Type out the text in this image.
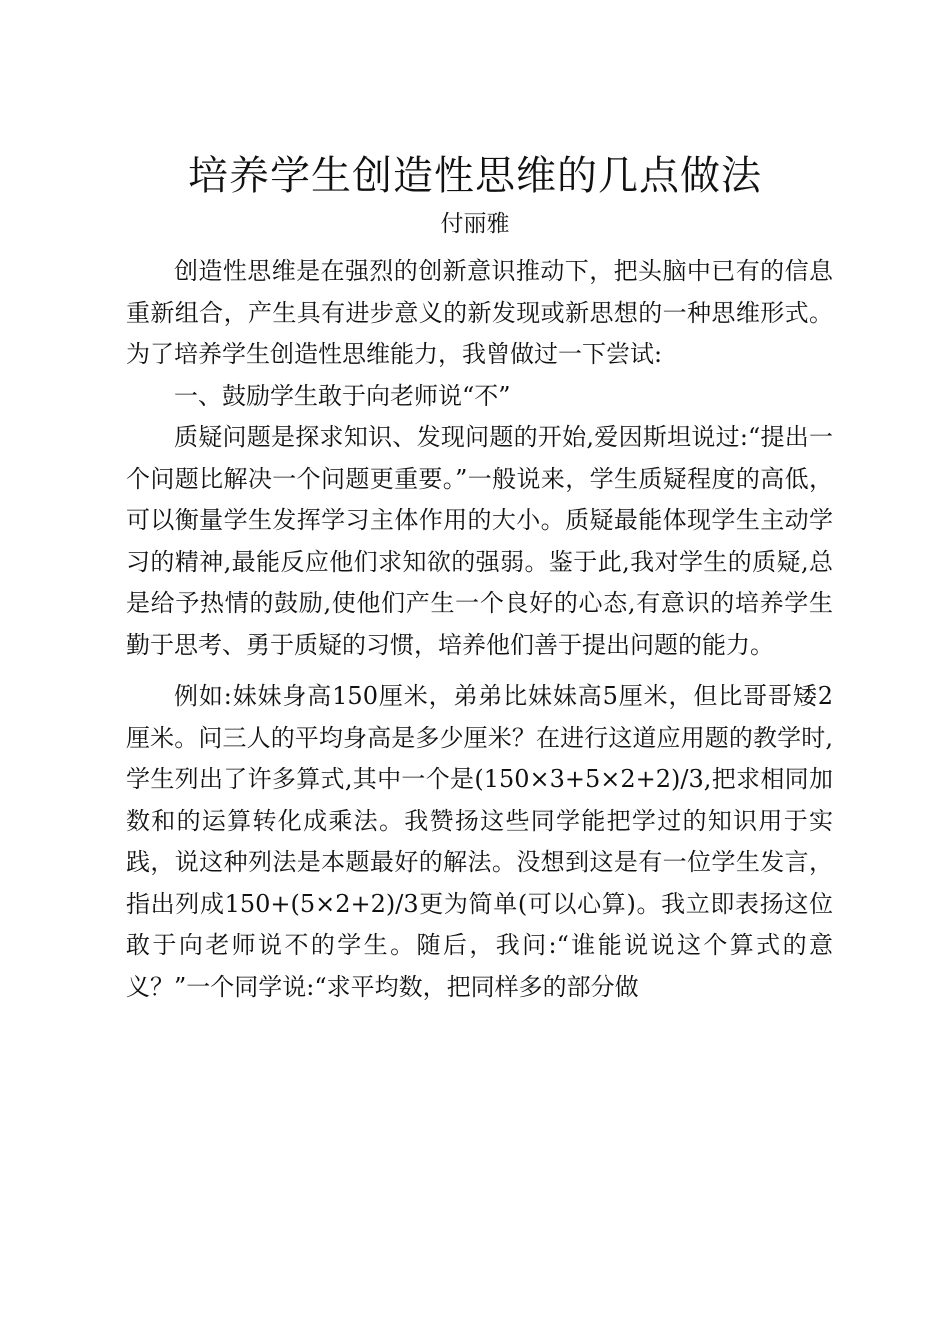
培养学生创造性思维的几点做法

付丽雅

创造性思维是在强烈的创新意识推动下，把头脑中已有的信息重新组合，产生具有进步意义的新发现或新思想的一种思维形式。为了培养学生创造性思维能力，我曾做过一下尝试:

一、鼓励学生敢于向老师说“不”

质疑问题是探求知识、发现问题的开始,爱因斯坦说过:“提出一个问题比解决一个问题更重要。”一般说来，学生质疑程度的高低，可以衡量学生发挥学习主体作用的大小。质疑最能体现学生主动学习的精神,最能反应他们求知欲的强弱。鉴于此,我对学生的质疑,总是给予热情的鼓励,使他们产生一个良好的心态,有意识的培养学生勤于思考、勇于质疑的习惯，培养他们善于提出问题的能力。

例如:妹妹身高150厘米，弟弟比妹妹高5厘米，但比哥哥矮2厘米。问三人的平均身高是多少厘米？在进行这道应用题的教学时,学生列出了许多算式,其中一个是(150×3+5×2+2)/3,把求相同加数和的运算转化成乘法。我赞扬这些同学能把学过的知识用于实践，说这种列法是本题最好的解法。没想到这是有一位学生发言，指出列成150+(5×2+2)/3更为简单(可以心算)。我立即表扬这位敢于向老师说不的学生。随后，我问:“谁能说说这个算式的意义？”一个同学说:“求平均数，把同样多的部分做
